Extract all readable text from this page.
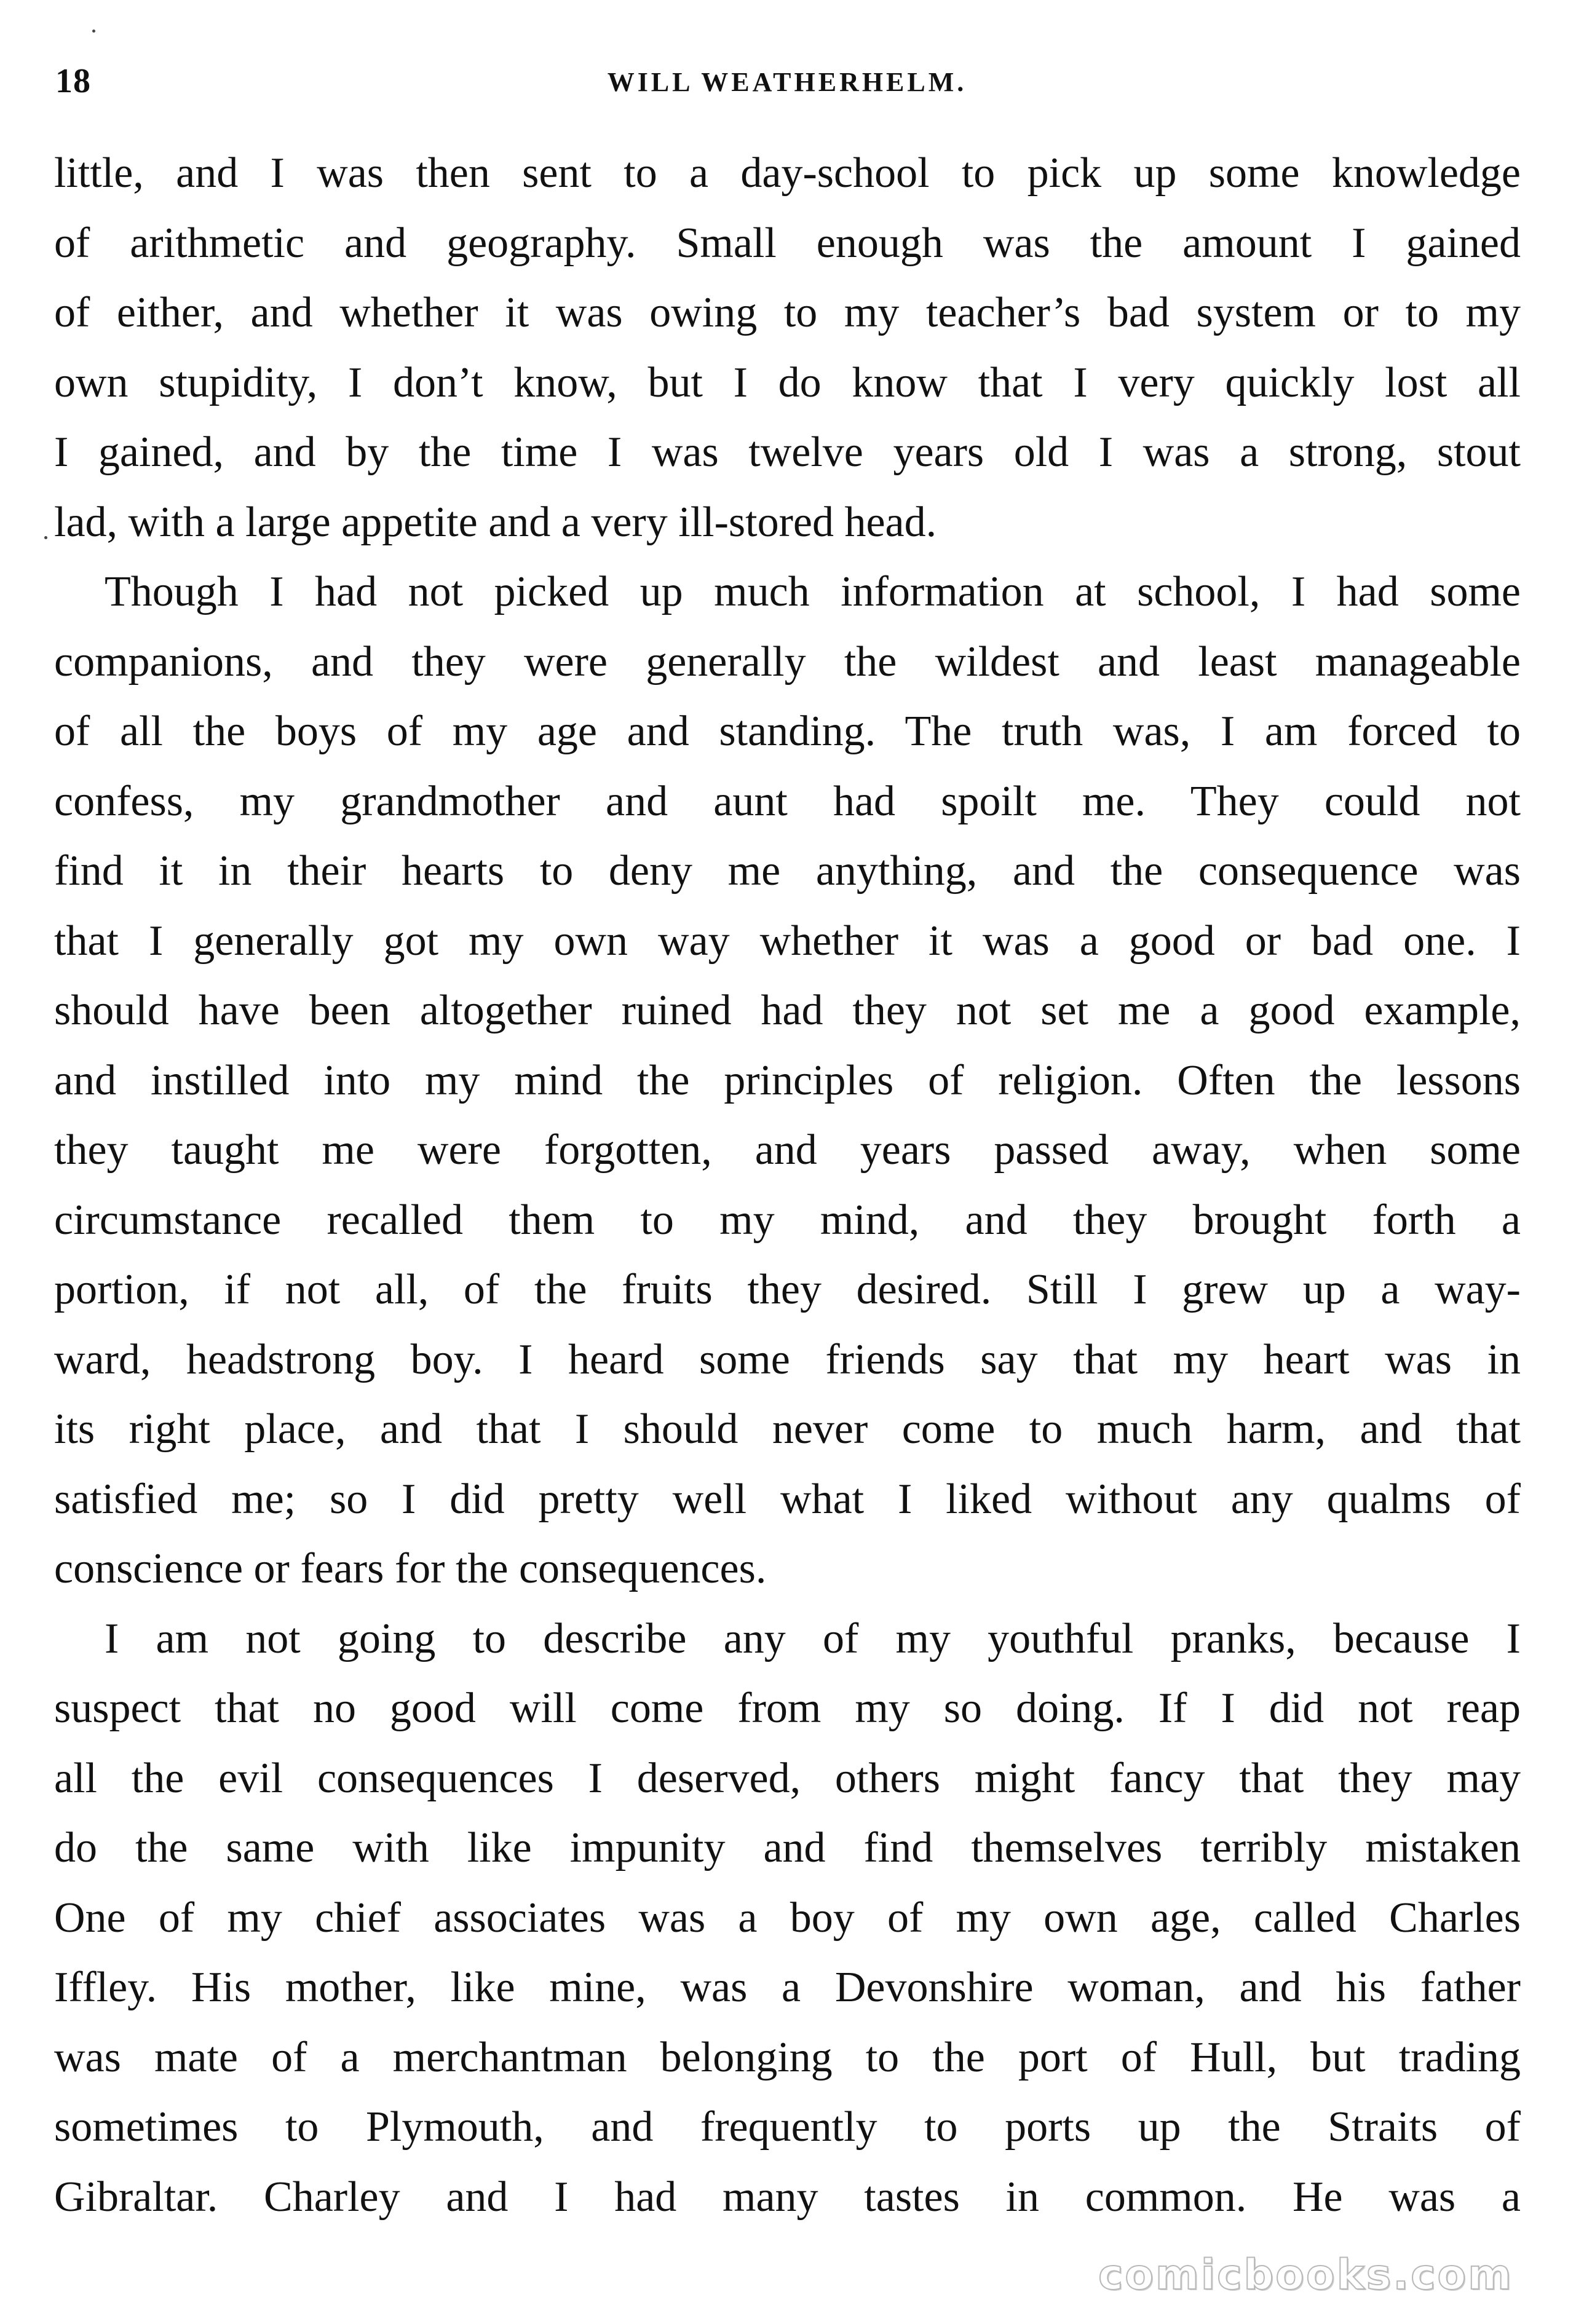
18	WILL WEATHERHELM.
little, and I was then sent to a day-school to pick up some knowledge
of arithmetic and geography. Small enough was the amount I gained
of either, and whether it was owing to my teacher’s bad system or to my
own stupidity, I don’t know, but I do know that I very quickly lost all
I gained, and by the time I was twelve years old I was a strong, stout
lad, with a large appetite and a very ill-stored head.
Though I had not picked up much information at school, I had some
companions, and they were generally the wildest and least manageable
of all the boys of my age and standing. The truth was, I am forced to
confess, my grandmother and aunt had spoilt me. They could not
find it in their hearts to deny me anything, and the consequence was
that I generally got my own way whether it was a good or bad one. I
should have been altogether ruined had they not set me a good example,
and instilled into my mind the principles of religion. Often the lessons
they taught me were forgotten, and years passed away, when some
circumstance recalled them to my mind, and they brought forth a
portion, if not all, of the fruits they desired. Still I grew up a way-
ward, headstrong boy. I heard some friends say that my heart was in
its right place, and that I should never come to much harm, and that
satisfied me; so I did pretty well what I liked without any qualms of
conscience or fears for the consequences.
I am not going to describe any of my youthful pranks, because I
suspect that no good will come from my so doing. If I did not reap
all the evil consequences I deserved, others might fancy that they may
do the same with like impunity and find themselves terribly mistaken
One of my chief associates was a boy of my own age, called Charles
Iffley. His mother, like mine, was a Devonshire woman, and his father
was mate of a merchantman belonging to the port of Hull, but trading
sometimes to Plymouth, and frequently to ports up the Straits of
Gibraltar. Charley and I had many tastes in common. He was a
comicbooks.com
